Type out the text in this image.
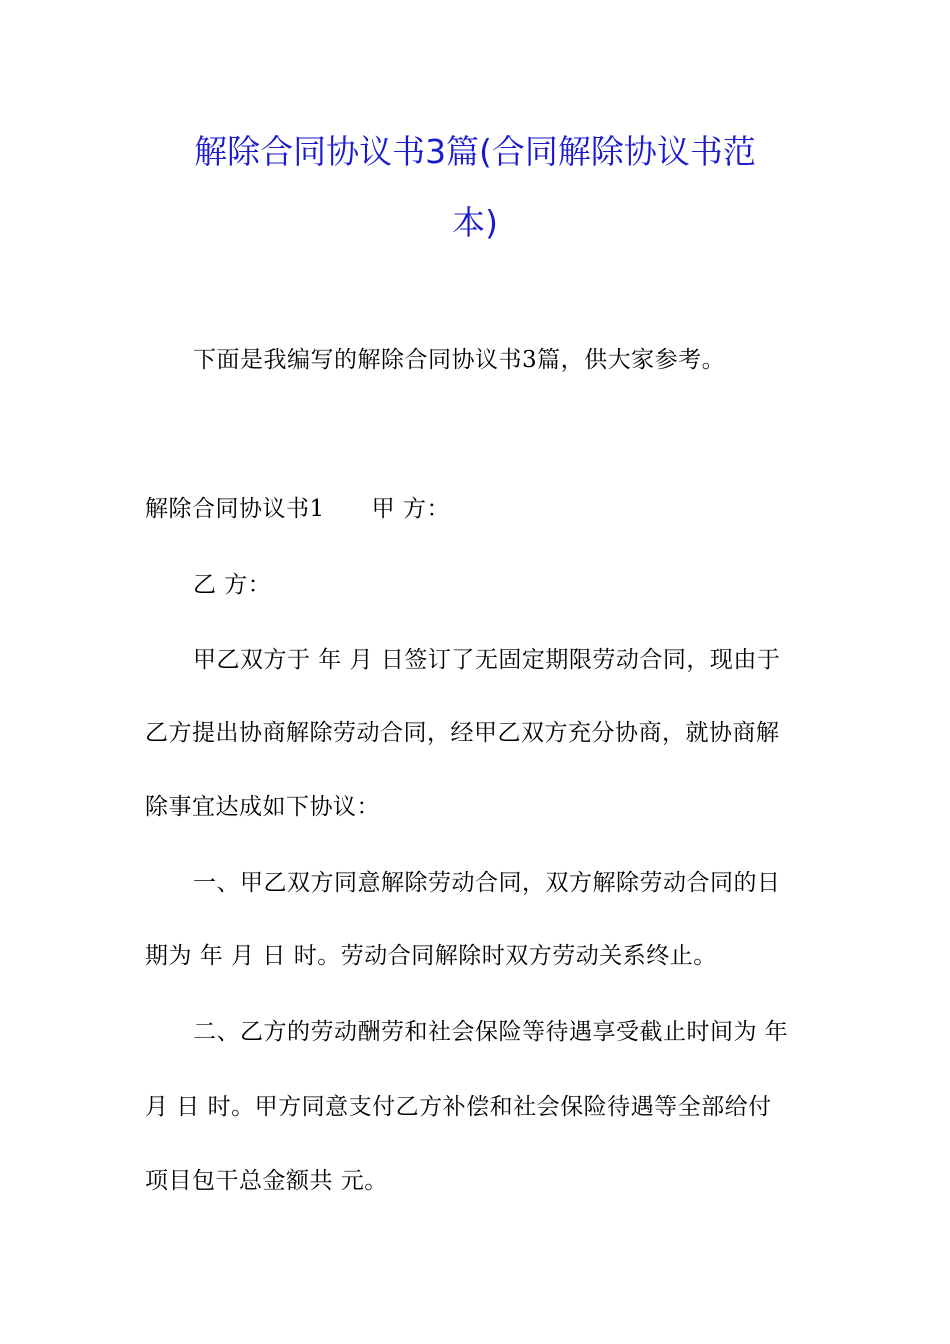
解除合同协议书3篇(合同解除协议书范
本)

下面是我编写的解除合同协议书3篇，供大家参考。

解除合同协议书1　　甲 方：

乙 方：

甲乙双方于 年 月 日签订了无固定期限劳动合同，现由于

乙方提出协商解除劳动合同，经甲乙双方充分协商，就协商解

除事宜达成如下协议：

一、甲乙双方同意解除劳动合同，双方解除劳动合同的日

期为 年 月 日 时。劳动合同解除时双方劳动关系终止。

二、乙方的劳动酬劳和社会保险等待遇享受截止时间为 年

月 日 时。甲方同意支付乙方补偿和社会保险待遇等全部给付

项目包干总金额共 元。
